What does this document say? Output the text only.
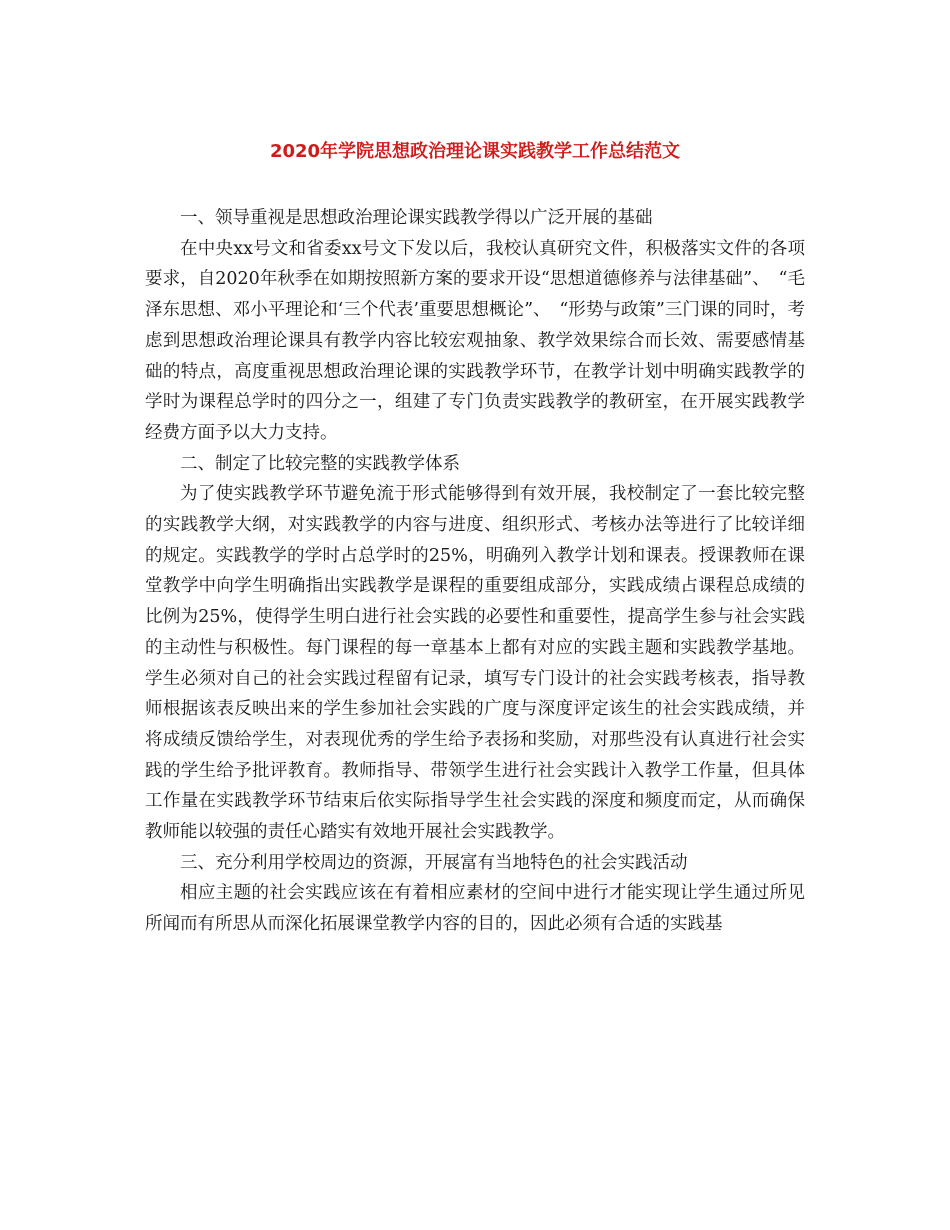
2020年学院思想政治理论课实践教学工作总结范文

一、领导重视是思想政治理论课实践教学得以广泛开展的基础

在中央xx号文和省委xx号文下发以后，我校认真研究文件，积极落实文件的各项要求，自2020年秋季在如期按照新方案的要求开设“思想道德修养与法律基础”、　“毛泽东思想、邓小平理论和‘三个代表’重要思想概论”、　“形势与政策”三门课的同时，考虑到思想政治理论课具有教学内容比较宏观抽象、教学效果综合而长效、需要感情基础的特点，高度重视思想政治理论课的实践教学环节，在教学计划中明确实践教学的学时为课程总学时的四分之一，组建了专门负责实践教学的教研室，在开展实践教学经费方面予以大力支持。

二、制定了比较完整的实践教学体系

为了使实践教学环节避免流于形式能够得到有效开展，我校制定了一套比较完整的实践教学大纲，对实践教学的内容与进度、组织形式、考核办法等进行了比较详细的规定。实践教学的学时占总学时的25%，明确列入教学计划和课表。授课教师在课堂教学中向学生明确指出实践教学是课程的重要组成部分，实践成绩占课程总成绩的比例为25%，使得学生明白进行社会实践的必要性和重要性，提高学生参与社会实践的主动性与积极性。每门课程的每一章基本上都有对应的实践主题和实践教学基地。学生必须对自己的社会实践过程留有记录，填写专门设计的社会实践考核表，指导教师根据该表反映出来的学生参加社会实践的广度与深度评定该生的社会实践成绩，并将成绩反馈给学生，对表现优秀的学生给予表扬和奖励，对那些没有认真进行社会实践的学生给予批评教育。教师指导、带领学生进行社会实践计入教学工作量，但具体工作量在实践教学环节结束后依实际指导学生社会实践的深度和频度而定，从而确保教师能以较强的责任心踏实有效地开展社会实践教学。

三、充分利用学校周边的资源，开展富有当地特色的社会实践活动

相应主题的社会实践应该在有着相应素材的空间中进行才能实现让学生通过所见所闻而有所思从而深化拓展课堂教学内容的目的，因此必须有合适的实践基
